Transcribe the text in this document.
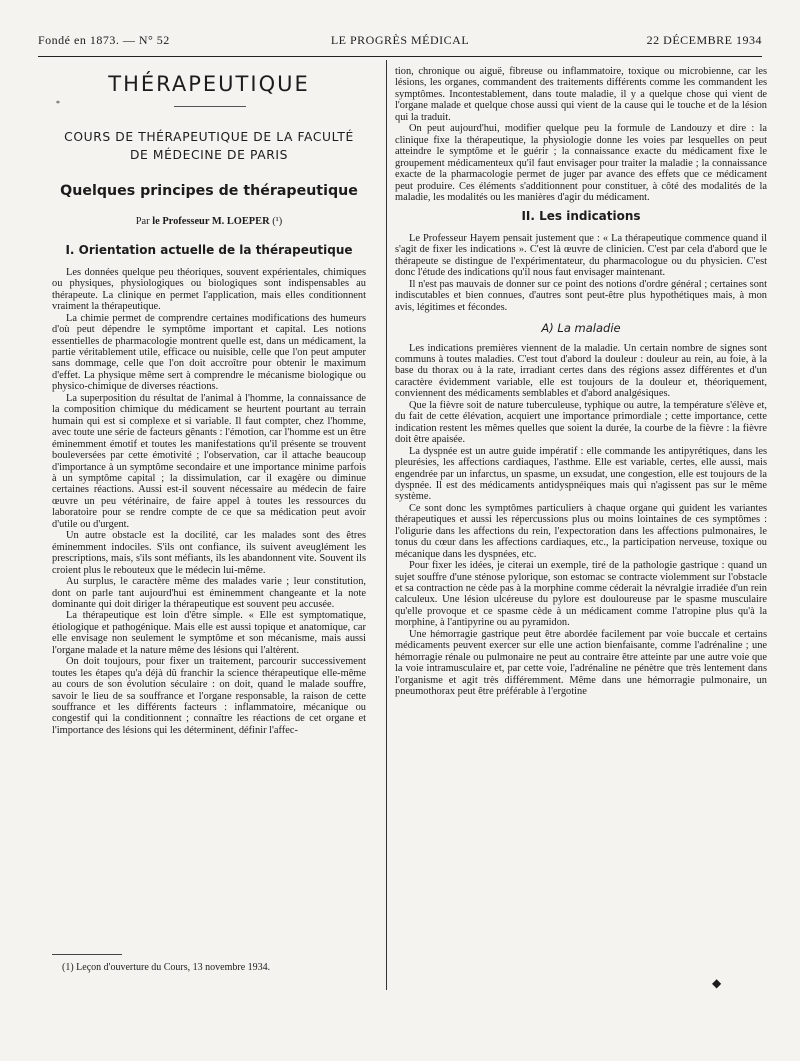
Fondé en 1873. — N° 52	LE PROGRÈS MÉDICAL	22 DÉCEMBRE 1934
THÉRAPEUTIQUE
*
COURS DE THÉRAPEUTIQUE DE LA FACULTÉ
DE MÉDECINE DE PARIS
Quelques principes de thérapeutique
Par le Professeur M. LOEPER (¹)
I. Orientation actuelle de la thérapeutique

Les données quelque peu théoriques, souvent expérientales, chimiques ou physiques, physiologiques ou biologiques sont indispensables au thérapeute. La clinique en permet l'application, mais elles conditionnent vraiment la thérapeutique.

La chimie permet de comprendre certaines modifications des humeurs d'où peut dépendre le symptôme important et capital. Les notions essentielles de pharmacologie montrent quelle est, dans un médicament, la partie véritablement utile, efficace ou nuisible, celle que l'on peut amputer sans dommage, celle que l'on doit accroître pour obtenir le maximum d'effet. La physique même sert à comprendre le mécanisme biologique ou physico-chimique de diverses réactions.

La superposition du résultat de l'animal à l'homme, la connaissance de la composition chimique du médicament se heurtent pourtant au terrain humain qui est si complexe et si variable. Il faut compter, chez l'homme, avec toute une série de facteurs gênants : l'émotion, car l'homme est un être éminemment émotif et toutes les manifestations qu'il présente se trouvent bouleversées par cette émotivité ; l'observation, car il attache beaucoup d'importance à un symptôme secondaire et une importance minime parfois à un symptôme capital ; la dissimulation, car il exagère ou diminue certaines réactions. Aussi est-il souvent nécessaire au médecin de faire œuvre un peu vétérinaire, de faire appel à toutes les ressources du laboratoire pour se rendre compte de ce que sa médication peut avoir d'utile ou d'urgent.

Un autre obstacle est la docilité, car les malades sont des êtres éminemment indociles. S'ils ont confiance, ils suivent aveuglément les prescriptions, mais, s'ils sont méfiants, ils les abandonnent vite. Souvent ils croient plus le rebouteux que le médecin lui-même.

Au surplus, le caractère même des malades varie ; leur constitution, dont on parle tant aujourd'hui est éminemment changeante et la note dominante qui doit diriger la thérapeutique est souvent peu accusée.

La thérapeutique est loin d'être simple. « Elle est symptomatique, étiologique et pathogénique. Mais elle est aussi topique et anatomique, car elle envisage non seulement le symptôme et son mécanisme, mais aussi l'organe malade et la nature même des lésions qui l'altèrent.

On doit toujours, pour fixer un traitement, parcourir successivement toutes les étapes qu'a déjà dû franchir la science thérapeutique elle-même au cours de son évolution séculaire : on doit, quand le malade souffre, savoir le lieu de sa souffrance et l'organe responsable, la raison de cette souffrance et les différents facteurs : inflammatoire, mécanique ou congestif qui la conditionnent ; connaître les réactions de cet organe et l'importance des lésions qui les déterminent, définir l'affec-

(1) Leçon d'ouverture du Cours, 13 novembre 1934.

tion, chronique ou aiguë, fibreuse ou inflammatoire, toxique ou microbienne, car les lésions, les organes, commandent des traitements différents comme les commandent les symptômes. Incontestablement, dans toute maladie, il y a quelque chose qui vient de l'organe malade et quelque chose aussi qui vient de la cause qui le touche et de la lésion qui la traduit.

On peut aujourd'hui, modifier quelque peu la formule de Landouzy et dire : la clinique fixe la thérapeutique, la physiologie donne les voies par lesquelles on peut atteindre le symptôme et le guérir ; la connaissance exacte du médicament fixe le groupement médicamenteux qu'il faut envisager pour traiter la maladie ; la connaissance exacte de la pharmacologie permet de juger par avance des effets que ce médicament peut produire. Ces éléments s'additionnent pour constituer, à côté des modalités de la maladie, les modalités ou les manières d'agir du médicament.

II. Les indications

Le Professeur Hayem pensait justement que : « La thérapeutique commence quand il s'agit de fixer les indications ». C'est là œuvre de clinicien. C'est par cela d'abord que le thérapeute se distingue de l'expérimentateur, du pharmacologue ou du physicien. C'est donc l'étude des indications qu'il nous faut envisager maintenant.

Il n'est pas mauvais de donner sur ce point des notions d'ordre général ; certaines sont indiscutables et bien connues, d'autres sont peut-être plus hypothétiques mais, à mon avis, légitimes et fécondes.

A) La maladie

Les indications premières viennent de la maladie. Un certain nombre de signes sont communs à toutes maladies. C'est tout d'abord la douleur : douleur au rein, au foie, à la base du thorax ou à la rate, irradiant certes dans des régions assez différentes et d'un caractère évidemment variable, elle est toujours de la douleur et, théoriquement, conviennent des médicaments semblables et d'abord analgésiques.

Que la fièvre soit de nature tuberculeuse, typhique ou autre, la température s'élève et, du fait de cette élévation, acquiert une importance primordiale ; cette importance, cette indication restent les mêmes quelles que soient la durée, la courbe de la fièvre : la fièvre doit être apaisée.

La dyspnée est un autre guide impératif : elle commande les antipyrétiques, dans les pleurésies, les affections cardiaques, l'asthme. Elle est variable, certes, elle aussi, mais engendrée par un infarctus, un spasme, un exsudat, une congestion, elle est toujours de la dyspnée. Il est des médicaments antidyspnéiques mais qui n'agissent pas sur le même système.

Ce sont donc les symptômes particuliers à chaque organe qui guident les variantes thérapeutiques et aussi les répercussions plus ou moins lointaines de ces symptômes : l'oligurie dans les affections du rein, l'expectoration dans les affections pulmonaires, le tonus du cœur dans les affections cardiaques, etc., la participation nerveuse, toxique ou mécanique dans les dyspnées, etc.

Pour fixer les idées, je citerai un exemple, tiré de la pathologie gastrique : quand un sujet souffre d'une sténose pylorique, son estomac se contracte violemment sur l'obstacle et sa contraction ne cède pas à la morphine comme céderait la névralgie irradiée d'un rein calculeux. Une lésion ulcéreuse du pylore est douloureuse par le spasme musculaire qu'elle provoque et ce spasme cède à un médicament comme l'atropine plus qu'à la morphine, à l'antipyrine ou au pyramidon.

Une hémorragie gastrique peut être abordée facilement par voie buccale et certains médicaments peuvent exercer sur elle une action bienfaisante, comme l'adrénaline ; une hémorragie rénale ou pulmonaire ne peut au contraire être atteinte par une autre voie que la voie intramusculaire et, par cette voie, l'adrénaline ne pénètre que très lentement dans l'organisme et agit très différemment. Même dans une hémorragie pulmonaire, un pneumothorax peut être préférable à l'ergotine

◆
